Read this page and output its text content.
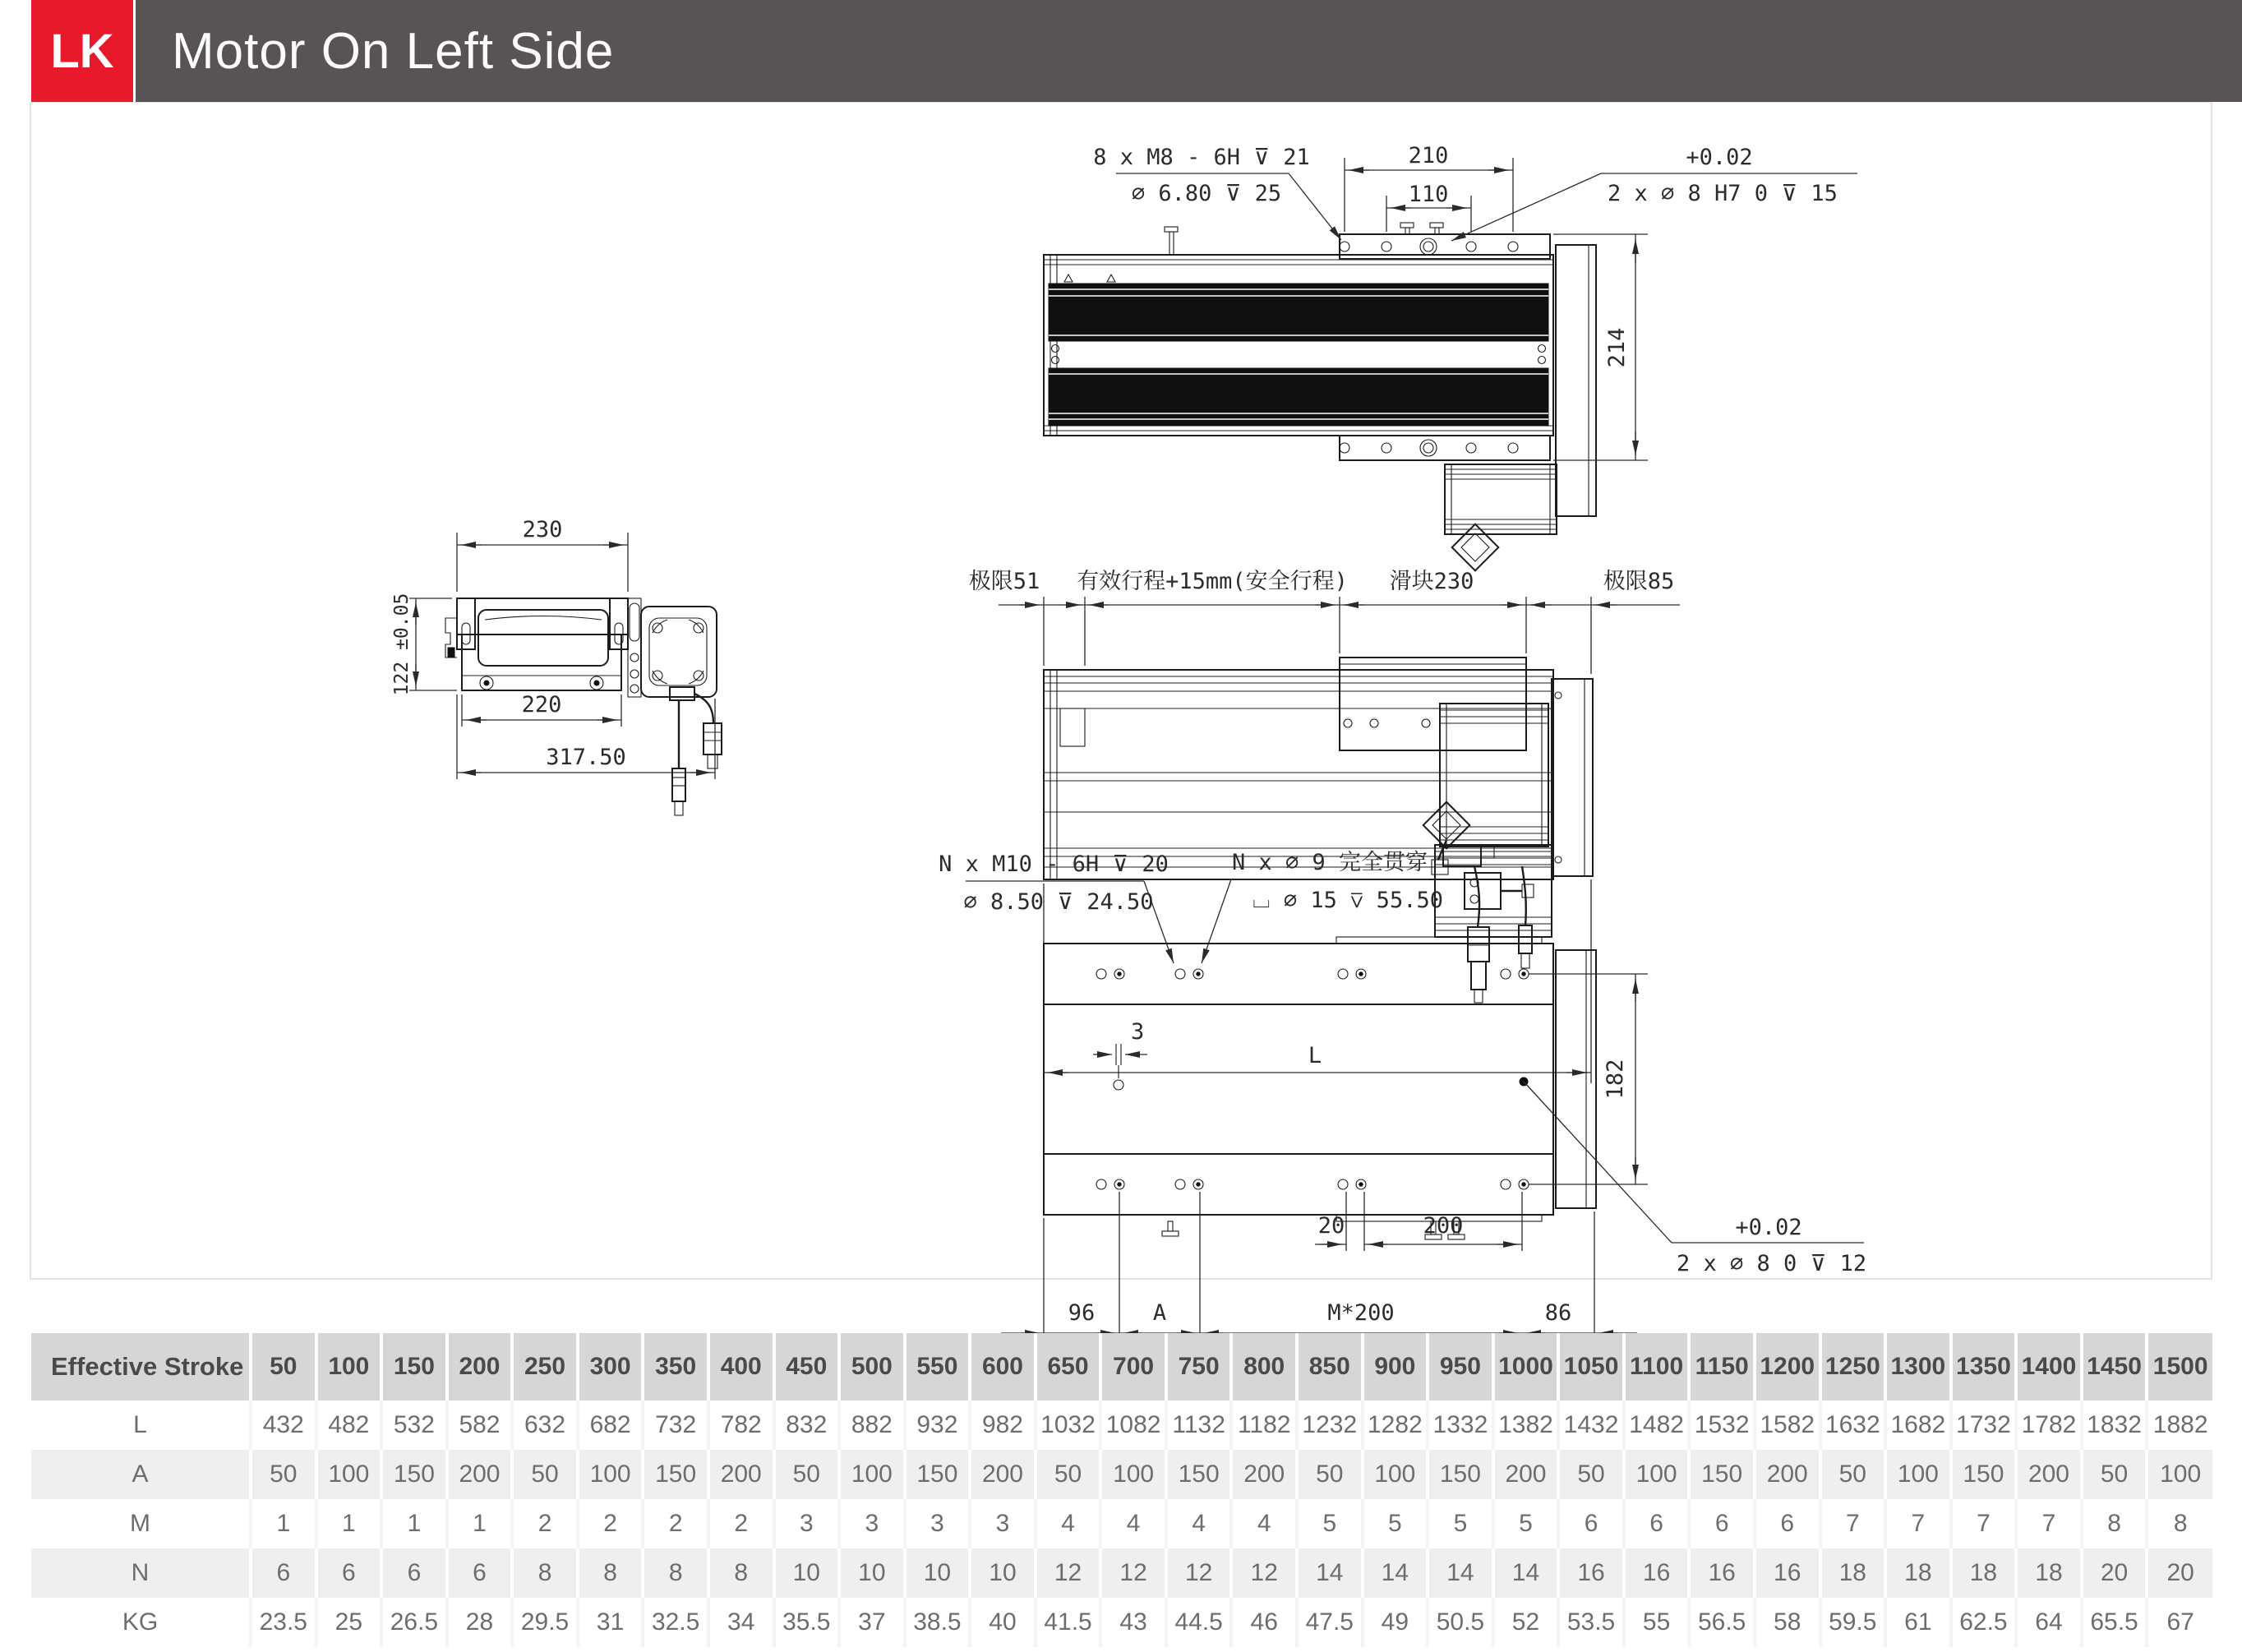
LK	Motor On Left Side
210
110
214
8 x M8 - 6H ⊽ 21
⌀ 6.80 ⊽ 25
+0.02
2 x ⌀ 8 H7 0 ⊽ 15
230
122 ±0.05
220
317.50
极限51 有效行程+15mm(安全行程) 滑块230	极限85
L
N x M10 - 6H ⊽ 20
⌀ 8.50 ⊽ 24.50
N x ⌀ 9 完全贯穿
⌴ ⌀ 15 ⊽ 55.50
3
182
+0.02
2 x ⌀ 8 0 ⊽ 12
20	200
96	A	M*200	86
Effective Stroke	50	100	150	200	250	300	350	400	450	500	550	600	650	700	750	800	850	900	950	1000	1050	1100	1150	1200	1250	1300	1350	1400	1450	1500
L	432	482	532	582	632	682	732	782	832	882	932	982	1032	1082	1132	1182	1232	1282	1332	1382	1432	1482	1532	1582	1632	1682	1732	1782	1832	1882
A	50	100	150	200	50	100	150	200	50	100	150	200	50	100	150	200	50	100	150	200	50	100	150	200	50	100	150	200	50	100
M	1	1	1	1	2	2	2	2	3	3	3	3	4	4	4	4	5	5	5	5	6	6	6	6	7	7	7	7	8	8
N	6	6	6	6	8	8	8	8	10	10	10	10	12	12	12	12	14	14	14	14	16	16	16	16	18	18	18	18	20	20
KG	23.5	25	26.5	28	29.5	31	32.5	34	35.5	37	38.5	40	41.5	43	44.5	46	47.5	49	50.5	52	53.5	55	56.5	58	59.5	61	62.5	64	65.5	67
